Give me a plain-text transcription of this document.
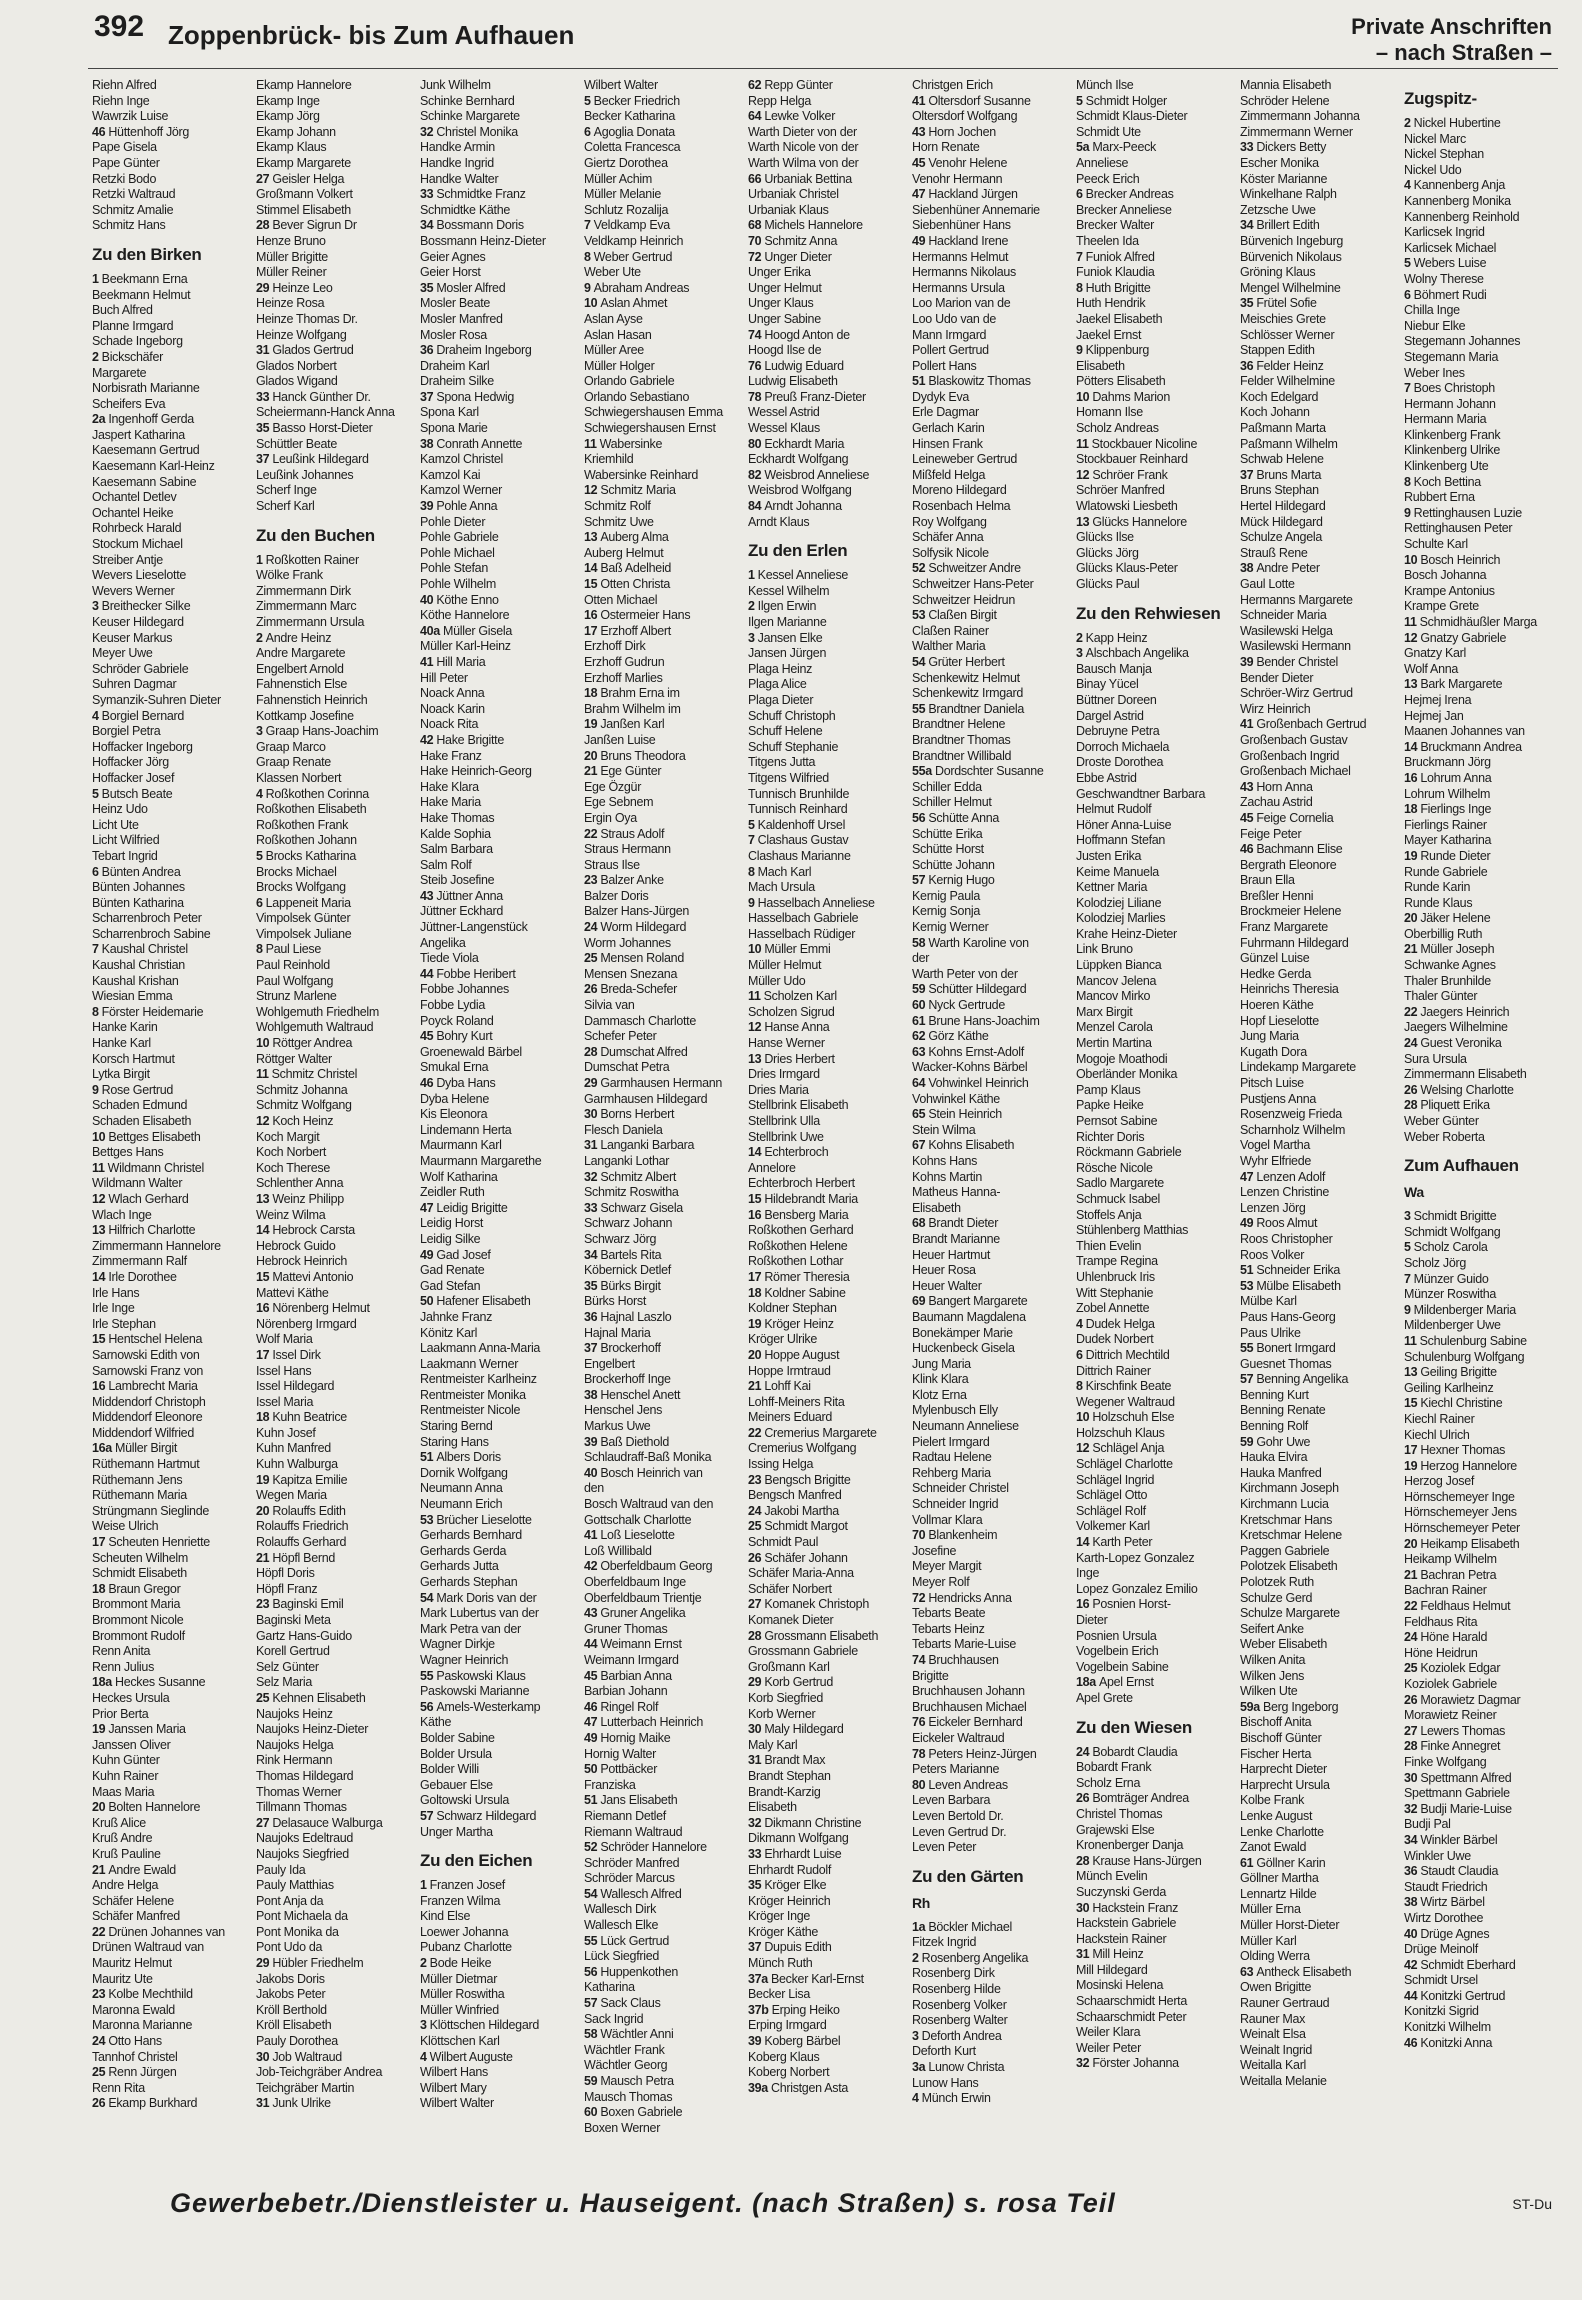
392 Zoppenbrück- bis Zum Aufhauen	Private Anschriften
– nach Straßen –
Riehn Alfred
Riehn Inge
Wawrzik Luise
46 Hüttenhoff Jörg
Pape Gisela
Pape Günter
Retzki Bodo
Retzki Waltraud
Schmitz Amalie
Schmitz Hans
Zu den Birken
1 Beekmann Erna
Beekmann Helmut
Buch Alfred
Planne Irmgard
Schade Ingeborg
2 Bickschäfer
Margarete
Norbisrath Marianne
Scheifers Eva
2a Ingenhoff Gerda
Jaspert Katharina
Kaesemann Gertrud
Kaesemann Karl-Heinz
Kaesemann Sabine
Ochantel Detlev
Ochantel Heike
Rohrbeck Harald
Stockum Michael
Streiber Antje
Wevers Lieselotte
Wevers Werner
3 Breithecker Silke
Keuser Hildegard
Keuser Markus
Meyer Uwe
Schröder Gabriele
Suhren Dagmar
Symanzik-Suhren Dieter
4 Borgiel Bernard
Borgiel Petra
Hoffacker Ingeborg
Hoffacker Jörg
Hoffacker Josef
5 Butsch Beate
Heinz Udo
Licht Ute
Licht Wilfried
Tebart Ingrid
6 Bünten Andrea
Bünten Johannes
Bünten Katharina
Scharrenbroch Peter
Scharrenbroch Sabine
7 Kaushal Christel
Kaushal Christian
Kaushal Krishan
Wiesian Emma
8 Förster Heidemarie
Hanke Karin
Hanke Karl
Korsch Hartmut
Lytka Birgit
9 Rose Gertrud
Schaden Edmund
Schaden Elisabeth
10 Bettges Elisabeth
Bettges Hans
11 Wildmann Christel
Wildmann Walter
12 Wlach Gerhard
Wlach Inge
13 Hilfrich Charlotte
Zimmermann Hannelore
Zimmermann Ralf
14 Irle Dorothee
Irle Hans
Irle Inge
Irle Stephan
15 Hentschel Helena
Sarnowski Edith von
Sarnowski Franz von
16 Lambrecht Maria
Middendorf Christoph
Middendorf Eleonore
Middendorf Wilfried
16a Müller Birgit
Rüthemann Hartmut
Rüthemann Jens
Rüthemann Maria
Strüngmann Sieglinde
Weise Ulrich
17 Scheuten Henriette
Scheuten Wilhelm
Schmidt Elisabeth
18 Braun Gregor
Brommont Maria
Brommont Nicole
Brommont Rudolf
Renn Anita
Renn Julius
18a Heckes Susanne
Heckes Ursula
Prior Berta
19 Janssen Maria
Janssen Oliver
Kuhn Günter
Kuhn Rainer
Maas Maria
20 Bolten Hannelore
Kruß Alice
Kruß Andre
Kruß Pauline
21 Andre Ewald
Andre Helga
Schäfer Helene
Schäfer Manfred
22 Drünen Johannes van
Drünen Waltraud van
Mauritz Helmut
Mauritz Ute
23 Kolbe Mechthild
Maronna Ewald
Maronna Marianne
24 Otto Hans
Tannhof Christel
25 Renn Jürgen
Renn Rita
26 Ekamp Burkhard
Ekamp Hannelore
Ekamp Inge
Ekamp Jörg
Ekamp Johann
Ekamp Klaus
Ekamp Margarete
27 Geisler Helga
Großmann Volkert
Stimmel Elisabeth
28 Bever Sigrun Dr
Henze Bruno
Müller Brigitte
Müller Reiner
29 Heinze Leo
Heinze Rosa
Heinze Thomas Dr.
Heinze Wolfgang
31 Glados Gertrud
Glados Norbert
Glados Wigand
33 Hanck Günther Dr.
Scheiermann-Hanck Anna
35 Basso Horst-Dieter
Schüttler Beate
37 Leußink Hildegard
Leußink Johannes
Scherf Inge
Scherf Karl
Zu den Buchen
1 Roßkotten Rainer
Wölke Frank
Zimmermann Dirk
Zimmermann Marc
Zimmermann Ursula
2 Andre Heinz
Andre Margarete
Engelbert Arnold
Fahnenstich Else
Fahnenstich Heinrich
Kottkamp Josefine
3 Graap Hans-Joachim
Graap Marco
Graap Renate
Klassen Norbert
4 Roßkothen Corinna
Roßkothen Elisabeth
Roßkothen Frank
Roßkothen Johann
5 Brocks Katharina
Brocks Michael
Brocks Wolfgang
6 Lappeneit Maria
Vimpolsek Günter
Vimpolsek Juliane
8 Paul Liese
Paul Reinhold
Paul Wolfgang
Strunz Marlene
Wohlgemuth Friedhelm
Wohlgemuth Waltraud
10 Röttger Andrea
Röttger Walter
11 Schmitz Christel
Schmitz Johanna
Schmitz Wolfgang
12 Koch Heinz
Koch Margit
Koch Norbert
Koch Therese
Schlenther Anna
13 Weinz Philipp
Weinz Wilma
14 Hebrock Carsta
Hebrock Guido
Hebrock Heinrich
15 Mattevi Antonio
Mattevi Käthe
16 Nörenberg Helmut
Nörenberg Irmgard
Wolf Maria
17 Issel Dirk
Issel Hans
Issel Hildegard
Issel Maria
18 Kuhn Beatrice
Kuhn Josef
Kuhn Manfred
Kuhn Walburga
19 Kapitza Emilie
Wegen Maria
20 Rolauffs Edith
Rolauffs Friedrich
Rolauffs Gerhard
21 Höpfl Bernd
Höpfl Doris
Höpfl Franz
23 Baginski Emil
Baginski Meta
Gartz Hans-Guido
Korell Gertrud
Selz Günter
Selz Maria
25 Kehnen Elisabeth
Naujoks Heinz
Naujoks Heinz-Dieter
Naujoks Helga
Rink Hermann
Thomas Hildegard
Thomas Werner
Tillmann Thomas
27 Delasauce Walburga
Naujoks Edeltraud
Naujoks Siegfried
Pauly Ida
Pauly Matthias
Pont Anja da
Pont Michaela da
Pont Monika da
Pont Udo da
29 Hübler Friedhelm
Jakobs Doris
Jakobs Peter
Kröll Berthold
Kröll Elisabeth
Pauly Dorothea
30 Job Waltraud
Job-Teichgräber Andrea
Teichgräber Martin
31 Junk Ulrike
Junk Wilhelm
Schinke Bernhard
Schinke Margarete
32 Christel Monika
Handke Armin
Handke Ingrid
Handke Walter
33 Schmidtke Franz
Schmidtke Käthe
34 Bossmann Doris
Bossmann Heinz-Dieter
Geier Agnes
Geier Horst
35 Mosler Alfred
Mosler Beate
Mosler Manfred
Mosler Rosa
36 Draheim Ingeborg
Draheim Karl
Draheim Silke
37 Spona Hedwig
Spona Karl
Spona Marie
38 Conrath Annette
Kamzol Christel
Kamzol Kai
Kamzol Werner
39 Pohle Anna
Pohle Dieter
Pohle Gabriele
Pohle Michael
Pohle Stefan
Pohle Wilhelm
40 Köthe Enno
Köthe Hannelore
40a Müller Gisela
Müller Karl-Heinz
41 Hill Maria
Hill Peter
Noack Anna
Noack Karin
Noack Rita
42 Hake Brigitte
Hake Franz
Hake Heinrich-Georg
Hake Klara
Hake Maria
Hake Thomas
Kalde Sophia
Salm Barbara
Salm Rolf
Steib Josefine
43 Jüttner Anna
Jüttner Eckhard
Jüttner-Langenstück
Angelika
Tiede Viola
44 Fobbe Heribert
Fobbe Johannes
Fobbe Lydia
Poyck Roland
45 Bohry Kurt
Groenewald Bärbel
Smukal Erna
46 Dyba Hans
Dyba Helene
Kis Eleonora
Lindemann Herta
Maurmann Karl
Maurmann Margarethe
Wolf Katharina
Zeidler Ruth
47 Leidig Brigitte
Leidig Horst
Leidig Silke
49 Gad Josef
Gad Renate
Gad Stefan
50 Hafener Elisabeth
Jahnke Franz
Könitz Karl
Laakmann Anna-Maria
Laakmann Werner
Rentmeister Karlheinz
Rentmeister Monika
Rentmeister Nicole
Staring Bernd
Staring Hans
51 Albers Doris
Dornik Wolfgang
Neumann Anna
Neumann Erich
53 Brücher Lieselotte
Gerhards Bernhard
Gerhards Gerda
Gerhards Jutta
Gerhards Stephan
54 Mark Doris van der
Mark Lubertus van der
Mark Petra van der
Wagner Dirkje
Wagner Heinrich
55 Paskowski Klaus
Paskowski Marianne
56 Amels-Westerkamp
Käthe
Bolder Sabine
Bolder Ursula
Bolder Willi
Gebauer Else
Goltowski Ursula
57 Schwarz Hildegard
Unger Martha
Zu den Eichen
1 Franzen Josef
Franzen Wilma
Kind Else
Loewer Johanna
Pubanz Charlotte
2 Bode Heike
Müller Dietmar
Müller Roswitha
Müller Winfried
3 Klöttschen Hildegard
Klöttschen Karl
4 Wilbert Auguste
Wilbert Hans
Wilbert Mary
Wilbert Walter
Wilbert Walter
5 Becker Friedrich
Becker Katharina
6 Agoglia Donata
Coletta Francesca
Giertz Dorothea
Müller Achim
Müller Melanie
Schlutz Rozalija
7 Veldkamp Eva
Veldkamp Heinrich
8 Weber Gertrud
Weber Ute
9 Abraham Andreas
10 Aslan Ahmet
Aslan Ayse
Aslan Hasan
Müller Aree
Müller Holger
Orlando Gabriele
Orlando Sebastiano
Schwiegershausen Emma
Schwiegershausen Ernst
11 Wabersinke
Kriemhild
Wabersinke Reinhard
12 Schmitz Maria
Schmitz Rolf
Schmitz Uwe
13 Auberg Alma
Auberg Helmut
14 Baß Adelheid
15 Otten Christa
Otten Michael
16 Ostermeier Hans
17 Erzhoff Albert
Erzhoff Dirk
Erzhoff Gudrun
Erzhoff Marlies
18 Brahm Erna im
Brahm Wilhelm im
19 Janßen Karl
Janßen Luise
20 Bruns Theodora
21 Ege Günter
Ege Özgür
Ege Sebnem
Ergin Oya
22 Straus Adolf
Straus Hermann
Straus Ilse
23 Balzer Anke
Balzer Doris
Balzer Hans-Jürgen
24 Worm Hildegard
Worm Johannes
25 Mensen Roland
Mensen Snezana
26 Breda-Schefer
Silvia van
Dammasch Charlotte
Schefer Peter
28 Dumschat Alfred
Dumschat Petra
29 Garmhausen Hermann
Garmhausen Hildegard
30 Borns Herbert
Flesch Daniela
31 Langanki Barbara
Langanki Lothar
32 Schmitz Albert
Schmitz Roswitha
33 Schwarz Gisela
Schwarz Johann
Schwarz Jörg
34 Bartels Rita
Köbernick Detlef
35 Bürks Birgit
Bürks Horst
36 Hajnal Laszlo
Hajnal Maria
37 Brockerhoff
Engelbert
Brockerhoff Inge
38 Henschel Anett
Henschel Jens
Markus Uwe
39 Baß Diethold
Schlaudraff-Baß Monika
40 Bosch Heinrich van
den
Bosch Waltraud van den
Gottschalk Charlotte
41 Loß Lieselotte
Loß Willibald
42 Oberfeldbaum Georg
Oberfeldbaum Inge
Oberfeldbaum Trientje
43 Gruner Angelika
Gruner Thomas
44 Weimann Ernst
Weimann Irmgard
45 Barbian Anna
Barbian Johann
46 Ringel Rolf
47 Lutterbach Heinrich
49 Hornig Maike
Hornig Walter
50 Pottbäcker
Franziska
51 Jans Elisabeth
Riemann Detlef
Riemann Waltraud
52 Schröder Hannelore
Schröder Manfred
Schröder Marcus
54 Wallesch Alfred
Wallesch Dirk
Wallesch Elke
55 Lück Gertrud
Lück Siegfried
56 Huppenkothen
Katharina
57 Sack Claus
Sack Ingrid
58 Wächtler Anni
Wächtler Frank
Wächtler Georg
59 Mausch Petra
Mausch Thomas
60 Boxen Gabriele
Boxen Werner
62 Repp Günter
Repp Helga
64 Lewke Volker
Warth Dieter von der
Warth Nicole von der
Warth Wilma von der
66 Urbaniak Bettina
Urbaniak Christel
Urbaniak Klaus
68 Michels Hannelore
70 Schmitz Anna
72 Unger Dieter
Unger Erika
Unger Helmut
Unger Klaus
Unger Sabine
74 Hoogd Anton de
Hoogd Ilse de
76 Ludwig Eduard
Ludwig Elisabeth
78 Preuß Franz-Dieter
Wessel Astrid
Wessel Klaus
80 Eckhardt Maria
Eckhardt Wolfgang
82 Weisbrod Anneliese
Weisbrod Wolfgang
84 Arndt Johanna
Arndt Klaus
Zu den Erlen
1 Kessel Anneliese
Kessel Wilhelm
2 Ilgen Erwin
Ilgen Marianne
3 Jansen Elke
Jansen Jürgen
Plaga Heinz
Plaga Alice
Plaga Dieter
Schuff Christoph
Schuff Helene
Schuff Stephanie
Titgens Jutta
Titgens Wilfried
Tunnisch Brunhilde
Tunnisch Reinhard
5 Kaldenhoff Ursel
7 Clashaus Gustav
Clashaus Marianne
8 Mach Karl
Mach Ursula
9 Hasselbach Anneliese
Hasselbach Gabriele
Hasselbach Rüdiger
10 Müller Emmi
Müller Helmut
Müller Udo
11 Scholzen Karl
Scholzen Sigrud
12 Hanse Anna
Hanse Werner
13 Dries Herbert
Dries Irmgard
Dries Maria
Stellbrink Elisabeth
Stellbrink Ulla
Stellbrink Uwe
14 Echterbroch
Annelore
Echterbroch Herbert
15 Hildebrandt Maria
16 Bensberg Maria
Roßkothen Gerhard
Roßkothen Helene
Roßkothen Lothar
17 Römer Theresia
18 Koldner Sabine
Koldner Stephan
19 Kröger Heinz
Kröger Ulrike
20 Hoppe August
Hoppe Irmtraud
21 Lohff Kai
Lohff-Meiners Rita
Meiners Eduard
22 Cremerius Margarete
Cremerius Wolfgang
Issing Helga
23 Bengsch Brigitte
Bengsch Manfred
24 Jakobi Martha
25 Schmidt Margot
Schmidt Paul
26 Schäfer Johann
Schäfer Maria-Anna
Schäfer Norbert
27 Komanek Christoph
Komanek Dieter
28 Grossmann Elisabeth
Grossmann Gabriele
Großmann Karl
29 Korb Gertrud
Korb Siegfried
Korb Werner
30 Maly Hildegard
Maly Karl
31 Brandt Max
Brandt Stephan
Brandt-Karzig
Elisabeth
32 Dikmann Christine
Dikmann Wolfgang
33 Ehrhardt Luise
Ehrhardt Rudolf
35 Kröger Elke
Kröger Heinrich
Kröger Inge
Kröger Käthe
37 Dupuis Edith
Münch Ruth
37a Becker Karl-Ernst
Becker Lisa
37b Erping Heiko
Erping Irmgard
39 Koberg Bärbel
Koberg Klaus
Koberg Norbert
39a Christgen Asta
Christgen Erich
41 Oltersdorf Susanne
Oltersdorf Wolfgang
43 Horn Jochen
Horn Renate
45 Venohr Helene
Venohr Hermann
47 Hackland Jürgen
Siebenhüner Annemarie
Siebenhüner Hans
49 Hackland Irene
Hermanns Helmut
Hermanns Nikolaus
Hermanns Ursula
Loo Marion van de
Loo Udo van de
Mann Irmgard
Pollert Gertrud
Pollert Hans
51 Blaskowitz Thomas
Dydyk Eva
Erle Dagmar
Gerlach Karin
Hinsen Frank
Leineweber Gertrud
Mißfeld Helga
Moreno Hildegard
Rosenbach Helma
Roy Wolfgang
Schäfer Anna
Solfysik Nicole
52 Schweitzer Andre
Schweitzer Hans-Peter
Schweitzer Heidrun
53 Claßen Birgit
Claßen Rainer
Walther Maria
54 Grüter Herbert
Schenkewitz Helmut
Schenkewitz Irmgard
55 Brandtner Daniela
Brandtner Helene
Brandtner Thomas
Brandtner Willibald
55a Dordschter Susanne
Schiller Edda
Schiller Helmut
56 Schütte Anna
Schütte Erika
Schütte Horst
Schütte Johann
57 Kernig Hugo
Kernig Paula
Kernig Sonja
Kernig Werner
58 Warth Karoline von
der
Warth Peter von der
59 Schütter Hildegard
60 Nyck Gertrude
61 Brune Hans-Joachim
62 Görz Käthe
63 Kohns Ernst-Adolf
Wacker-Kohns Bärbel
64 Vohwinkel Heinrich
Vohwinkel Käthe
65 Stein Heinrich
Stein Wilma
67 Kohns Elisabeth
Kohns Hans
Kohns Martin
Matheus Hanna-
Elisabeth
68 Brandt Dieter
Brandt Marianne
Heuer Hartmut
Heuer Rosa
Heuer Walter
69 Bangert Margarete
Baumann Magdalena
Bonekämper Marie
Huckenbeck Gisela
Jung Maria
Klink Klara
Klotz Erna
Mylenbusch Elly
Neumann Anneliese
Pielert Irmgard
Radtau Helene
Rehberg Maria
Schneider Christel
Schneider Ingrid
Vollmar Klara
70 Blankenheim
Josefine
Meyer Margit
Meyer Rolf
72 Hendricks Anna
Tebarts Beate
Tebarts Heinz
Tebarts Marie-Luise
74 Bruchhausen
Brigitte
Bruchhausen Johann
Bruchhausen Michael
76 Eickeler Bernhard
Eickeler Waltraud
78 Peters Heinz-Jürgen
Peters Marianne
80 Leven Andreas
Leven Barbara
Leven Bertold Dr.
Leven Gertrud Dr.
Leven Peter
Zu den Gärten
Rh
1a Böckler Michael
Fitzek Ingrid
2 Rosenberg Angelika
Rosenberg Dirk
Rosenberg Hilde
Rosenberg Volker
Rosenberg Walter
3 Deforth Andrea
Deforth Kurt
3a Lunow Christa
Lunow Hans
4 Münch Erwin
Münch Ilse
5 Schmidt Holger
Schmidt Klaus-Dieter
Schmidt Ute
5a Marx-Peeck
Anneliese
Peeck Erich
6 Brecker Andreas
Brecker Anneliese
Brecker Walter
Theelen Ida
7 Funiok Alfred
Funiok Klaudia
8 Huth Brigitte
Huth Hendrik
Jaekel Elisabeth
Jaekel Ernst
9 Klippenburg
Elisabeth
Pötters Elisabeth
10 Dahms Marion
Homann Ilse
Scholz Andreas
11 Stockbauer Nicoline
Stockbauer Reinhard
12 Schröer Frank
Schröer Manfred
Wlatowski Liesbeth
13 Glücks Hannelore
Glücks Ilse
Glücks Jörg
Glücks Klaus-Peter
Glücks Paul
Zu den Rehwiesen
2 Kapp Heinz
3 Alschbach Angelika
Bausch Manja
Binay Yücel
Büttner Doreen
Dargel Astrid
Debruyne Petra
Dorroch Michaela
Droste Dorothea
Ebbe Astrid
Geschwandtner Barbara
Helmut Rudolf
Höner Anna-Luise
Hoffmann Stefan
Justen Erika
Keime Manuela
Kettner Maria
Kolodziej Liliane
Kolodziej Marlies
Krahe Heinz-Dieter
Link Bruno
Lüppken Bianca
Mancov Jelena
Mancov Mirko
Marx Birgit
Menzel Carola
Mertin Martina
Mogoje Moathodi
Oberländer Monika
Pamp Klaus
Papke Heike
Pernsot Sabine
Richter Doris
Röckmann Gabriele
Rösche Nicole
Sadlo Margarete
Schmuck Isabel
Stoffels Anja
Stühlenberg Matthias
Thien Evelin
Trampe Regina
Uhlenbruck Iris
Witt Stephanie
Zobel Annette
4 Dudek Helga
Dudek Norbert
6 Dittrich Mechtild
Dittrich Rainer
8 Kirschfink Beate
Wegener Waltraud
10 Holzschuh Else
Holzschuh Klaus
12 Schlägel Anja
Schlägel Charlotte
Schlägel Ingrid
Schlägel Otto
Schlägel Rolf
Volkemer Karl
14 Karth Peter
Karth-Lopez Gonzalez
Inge
Lopez Gonzalez Emilio
16 Posnien Horst-
Dieter
Posnien Ursula
Vogelbein Erich
Vogelbein Sabine
18a Apel Ernst
Apel Grete
Zu den Wiesen
24 Bobardt Claudia
Bobardt Frank
Scholz Erna
26 Bomträger Andrea
Christel Thomas
Grajewski Else
Kronenberger Danja
28 Krause Hans-Jürgen
Münch Evelin
Suczynski Gerda
30 Hackstein Franz
Hackstein Gabriele
Hackstein Rainer
31 Mill Heinz
Mill Hildegard
Mosinski Helena
Schaarschmidt Herta
Schaarschmidt Peter
Weiler Klara
Weiler Peter
32 Förster Johanna
Mannia Elisabeth
Schröder Helene
Zimmermann Johanna
Zimmermann Werner
33 Dickers Betty
Escher Monika
Köster Marianne
Winkelhane Ralph
Zetzsche Uwe
34 Brillert Edith
Bürvenich Ingeburg
Bürvenich Nikolaus
Gröning Klaus
Mengel Wilhelmine
35 Frütel Sofie
Meischies Grete
Schlösser Werner
Stappen Edith
36 Felder Heinz
Felder Wilhelmine
Koch Edelgard
Koch Johann
Paßmann Marta
Paßmann Wilhelm
Schwab Helene
37 Bruns Marta
Bruns Stephan
Hertel Hildegard
Mück Hildegard
Schulze Angela
Strauß Rene
38 Andre Peter
Gaul Lotte
Hermanns Margarete
Schneider Maria
Wasilewski Helga
Wasilewski Hermann
39 Bender Christel
Bender Dieter
Schröer-Wirz Gertrud
Wirz Heinrich
41 Großenbach Gertrud
Großenbach Gustav
Großenbach Ingrid
Großenbach Michael
43 Horn Anna
Zachau Astrid
45 Feige Cornelia
Feige Peter
46 Bachmann Elise
Bergrath Eleonore
Braun Ella
Breßler Henni
Brockmeier Helene
Franz Margarete
Fuhrmann Hildegard
Günzel Luise
Hedke Gerda
Heinrichs Theresia
Hoeren Käthe
Hopf Lieselotte
Jung Maria
Kugath Dora
Lindekamp Margarete
Pitsch Luise
Pustjens Anna
Rosenzweig Frieda
Scharnholz Wilhelm
Vogel Martha
Wyhr Elfriede
47 Lenzen Adolf
Lenzen Christine
Lenzen Jörg
49 Roos Almut
Roos Christopher
Roos Volker
51 Schneider Erika
53 Mülbe Elisabeth
Mülbe Karl
Paus Hans-Georg
Paus Ulrike
55 Bonert Irmgard
Guesnet Thomas
57 Benning Angelika
Benning Kurt
Benning Renate
Benning Rolf
59 Gohr Uwe
Hauka Elvira
Hauka Manfred
Kirchmann Joseph
Kirchmann Lucia
Kretschmar Hans
Kretschmar Helene
Paggen Gabriele
Polotzek Elisabeth
Polotzek Ruth
Schulze Gerd
Schulze Margarete
Seifert Anke
Weber Elisabeth
Wilken Anita
Wilken Jens
Wilken Ute
59a Berg Ingeborg
Bischoff Anita
Bischoff Günter
Fischer Herta
Harprecht Dieter
Harprecht Ursula
Kolbe Frank
Lenke August
Lenke Charlotte
Zanot Ewald
61 Göllner Karin
Göllner Martha
Lennartz Hilde
Müller Erna
Müller Horst-Dieter
Müller Karl
Olding Werra
63 Antheck Elisabeth
Owen Brigitte
Rauner Gertraud
Rauner Max
Weinalt Elsa
Weinalt Ingrid
Weitalla Karl
Weitalla Melanie
Zugspitz-
2 Nickel Hubertine
Nickel Marc
Nickel Stephan
Nickel Udo
4 Kannenberg Anja
Kannenberg Monika
Kannenberg Reinhold
Karlicsek Ingrid
Karlicsek Michael
5 Webers Luise
Wolny Therese
6 Böhmert Rudi
Chilla Inge
Niebur Elke
Stegemann Johannes
Stegemann Maria
Weber Ines
7 Boes Christoph
Hermann Johann
Hermann Maria
Klinkenberg Frank
Klinkenberg Ulrike
Klinkenberg Ute
8 Koch Bettina
Rubbert Erna
9 Rettinghausen Luzie
Rettinghausen Peter
Schulte Karl
10 Bosch Heinrich
Bosch Johanna
Krampe Antonius
Krampe Grete
11 Schmidhäußler Marga
12 Gnatzy Gabriele
Gnatzy Karl
Wolf Anna
13 Bark Margarete
Hejmej Irena
Hejmej Jan
Maanen Johannes van
14 Bruckmann Andrea
Bruckmann Jörg
16 Lohrum Anna
Lohrum Wilhelm
18 Fierlings Inge
Fierlings Rainer
Mayer Katharina
19 Runde Dieter
Runde Gabriele
Runde Karin
Runde Klaus
20 Jäker Helene
Oberbillig Ruth
21 Müller Joseph
Schwanke Agnes
Thaler Brunhilde
Thaler Günter
22 Jaegers Heinrich
Jaegers Wilhelmine
24 Guest Veronika
Sura Ursula
Zimmermann Elisabeth
26 Welsing Charlotte
28 Pliquett Erika
Weber Günter
Weber Roberta
Zum Aufhauen
Wa
3 Schmidt Brigitte
Schmidt Wolfgang
5 Scholz Carola
Scholz Jörg
7 Münzer Guido
Münzer Roswitha
9 Mildenberger Maria
Mildenberger Uwe
11 Schulenburg Sabine
Schulenburg Wolfgang
13 Geiling Brigitte
Geiling Karlheinz
15 Kiechl Christine
Kiechl Rainer
Kiechl Ulrich
17 Hexner Thomas
19 Herzog Hannelore
Herzog Josef
Hörnschemeyer Inge
Hörnschemeyer Jens
Hörnschemeyer Peter
20 Heikamp Elisabeth
Heikamp Wilhelm
21 Bachran Petra
Bachran Rainer
22 Feldhaus Helmut
Feldhaus Rita
24 Höne Harald
Höne Heidrun
25 Koziolek Edgar
Koziolek Gabriele
26 Morawietz Dagmar
Morawietz Reiner
27 Lewers Thomas
28 Finke Annegret
Finke Wolfgang
30 Spettmann Alfred
Spettmann Gabriele
32 Budji Marie-Luise
Budji Pal
34 Winkler Bärbel
Winkler Uwe
36 Staudt Claudia
Staudt Friedrich
38 Wirtz Bärbel
Wirtz Dorothee
40 Drüge Agnes
Drüge Meinolf
42 Schmidt Eberhard
Schmidt Ursel
44 Konitzki Gertrud
Konitzki Sigrid
Konitzki Wilhelm
46 Konitzki Anna
Gewerbebetr./Dienstleister u. Hauseigent. (nach Straßen) s. rosa Teil	ST-Du
